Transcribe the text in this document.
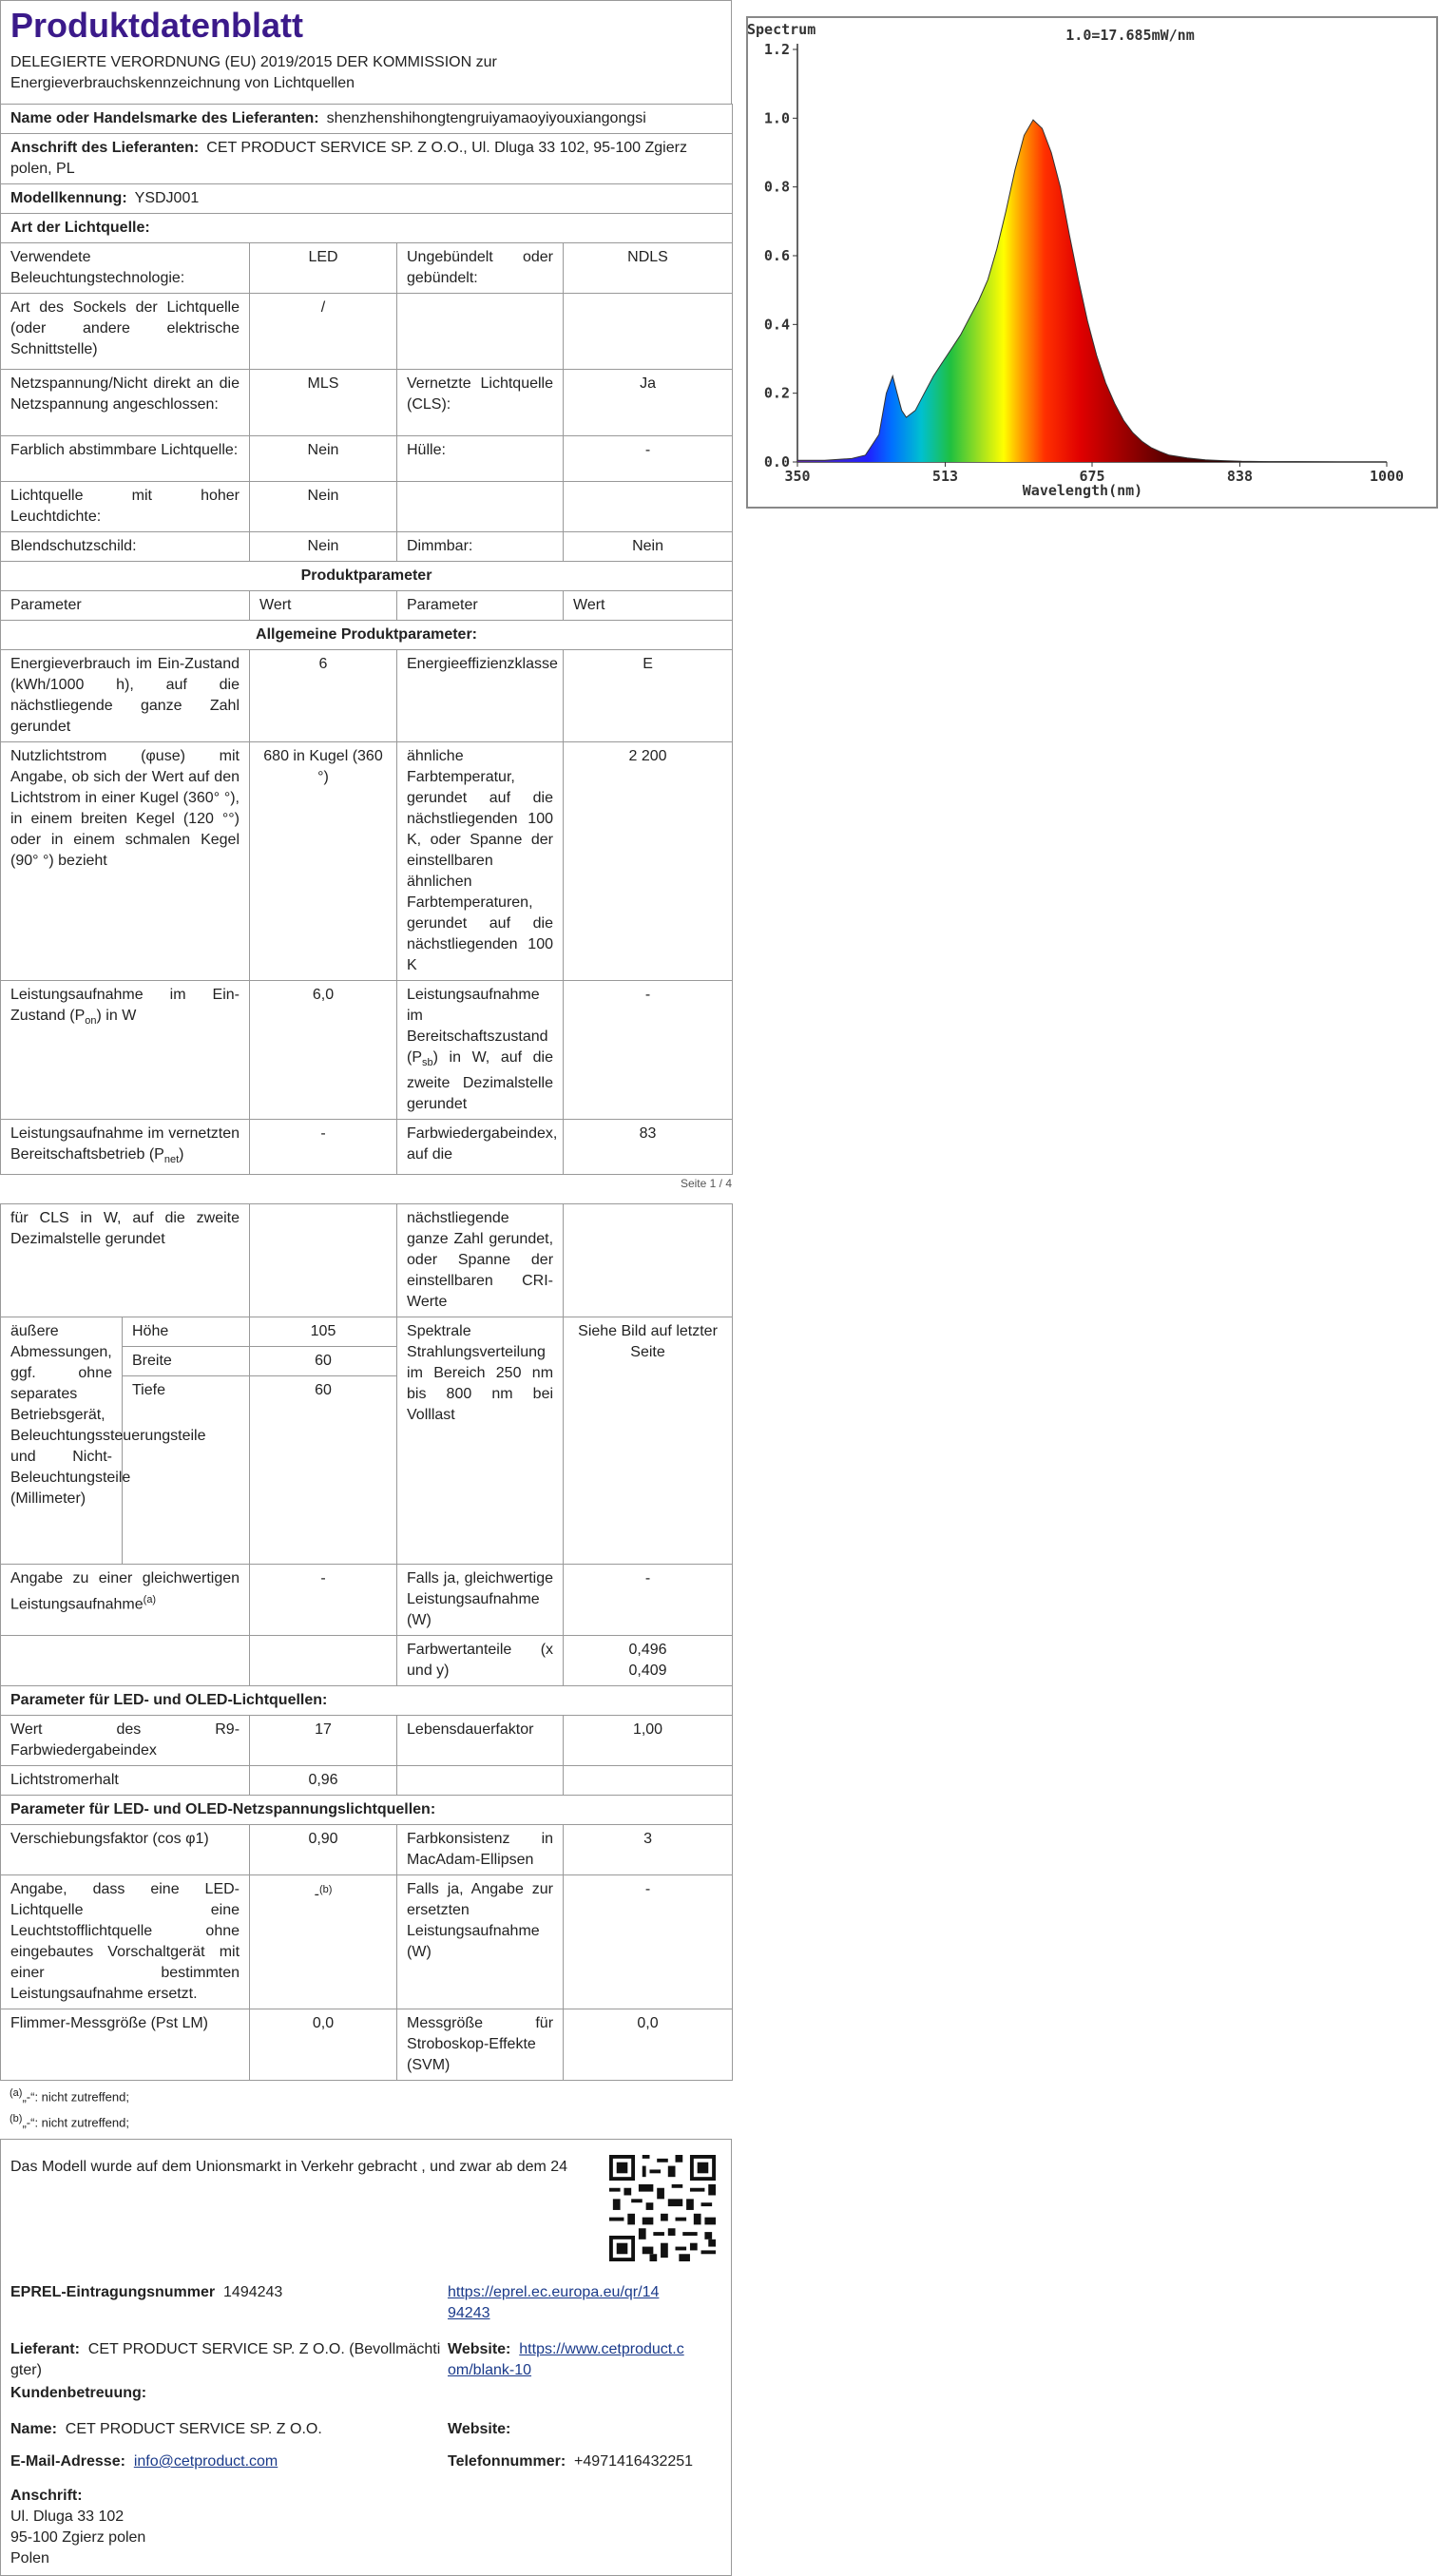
Produktdatenblatt
DELEGIERTE VERORDNUNG (EU) 2019/2015 DER KOMMISSION zur Energieverbrauchskennzeichnung von Lichtquellen
Name oder Handelsmarke des Lieferanten: shenzhenshihongtengruiyamaoyiyouxiangongsi			
Anschrift des Lieferanten: CET PRODUCT SERVICE SP. Z O.O., Ul. Dluga 33 102, 95-100 Zgierz polen, PL			
Modellkennung: YSDJ001			
Art der Lichtquelle:			
Verwendete Beleuchtungstechnologie:	LED	Ungebündelt oder gebündelt:	NDLS
Art des Sockels der Lichtquelle (oder andere elektrische Schnittstelle)	/		
Netzspannung/Nicht direkt an die Netzspannung angeschlossen:	MLS	Vernetzte Lichtquelle (CLS):	Ja
Farblich abstimmbare Lichtquelle:	Nein	Hülle:	-
Lichtquelle mit hoher Leuchtdichte:	Nein		
Blendschutzschild:	Nein	Dimmbar:	Nein
Produktparameter			
Parameter	Wert	Parameter	Wert
Allgemeine Produktparameter:			
Energieverbrauch im Ein-Zustand (kWh/1000 h), auf die nächstliegende ganze Zahl gerundet	6	Energieeffizienzklasse	E
Nutzlichtstrom (φuse) mit Angabe, ob sich der Wert auf den Lichtstrom in einer Kugel (360° °), in einem breiten Kegel (120 °°) oder in einem schmalen Kegel (90° °) bezieht	680 in Kugel (360 °)	ähnliche Farbtemperatur, gerundet auf die nächstliegenden 100 K, oder Spanne der einstellbaren ähnlichen Farbtemperaturen, gerundet auf die nächstliegenden 100 K	2 200
Leistungsaufnahme im Ein-Zustand $(P_{on})$ in W	6,0	Leistungsaufnahme im Bereitschaftszustand $(P_{sb})$ in W, auf die zweite Dezimalstelle gerundet	-
Leistungsaufnahme im vernetzten Bereitschaftsbetrieb $(P_{net})$	-	Farbwiedergabeindex, auf die	83
Seite 1 / 4
für CLS in W, auf die zweite Dezimalstelle gerundet			nächstliegende ganze Zahl gerundet, oder Spanne der einstellbaren CRI-Werte	
äußere Abmessungen, ggf. ohne separates Betriebsgerät, Beleuchtungssteuerungsteile und Nicht-Beleuchtungsteile (Millimeter)	Höhe	105	Spektrale Strahlungsverteilung im Bereich 250 nm bis 800 nm bei Volllast	Siehe Bild auf letzter Seite
	Breite	60		
	Tiefe	60		
Angabe zu einer gleichwertigen Leistungsaufnahme$^{(a)}$		-	Falls ja, gleichwertige Leistungsaufnahme (W)	-
			Farbwertanteile (x und y)	0,496
0,409

Parameter für LED- und OLED-Lichtquellen:				
Wert des R9-Farbwiedergabeindex		17	Lebensdauerfaktor	1,00
Lichtstromerhalt		0,96		
Parameter für LED- und OLED-Netzspannungslichtquellen:				
Verschiebungsfaktor (cos φ1)		0,90	Farbkonsistenz in MacAdam-Ellipsen	3
Angabe, dass eine LED-Lichtquelle eine Leuchtstofflichtquelle ohne eingebautes Vorschaltgerät mit einer bestimmten Leistungsaufnahme ersetzt.		-$^{(b)}$	Falls ja, Angabe zur ersetzten Leistungsaufnahme (W)	-
Flimmer-Messgröße (Pst LM)		0,0	Messgröße für Stroboskop-Effekte (SVM)	0,0
$^{(a)}$„-“: nicht zutreffend;
$^{(b)}$„-“: nicht zutreffend;
Das Modell wurde auf dem Unionsmarkt in Verkehr gebracht , und zwar ab dem 24
EPREL-Eintragungsnummer 1494243	https://eprel.ec.europa.eu/qr/14
94243
Lieferant: CET PRODUCT SERVICE SP. Z O.O. (Bevollmächti
gter)
Website: https://www.cetproduct.c
om/blank-10
Kundenbetreuung:
Name: CET PRODUCT SERVICE SP. Z O.O.	Website:
E-Mail-Adresse: info@cetproduct.com	Telefonnummer: +4971416432251
Anschrift:
Ul. Dluga 33 102
95-100 Zgierz polen
Polen
Spectrum	1.0=17.685mW/nm
350	513	675	838	1000
0.0
0.2
0.4
0.6
0.8
1.0
1.2
Wavelength(nm)
